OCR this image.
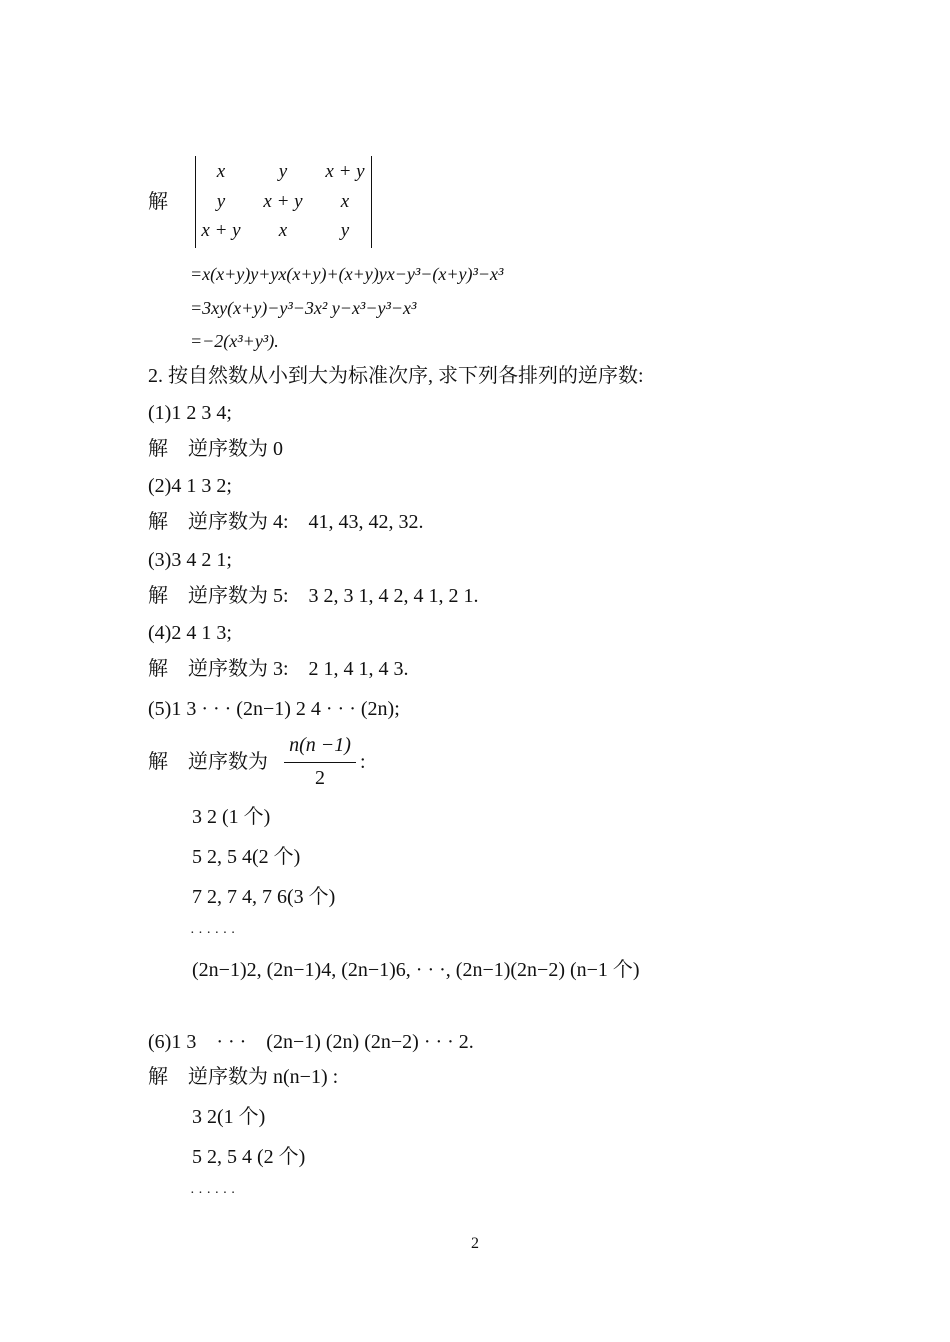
解
x	y	x + y
y	x + y	x
x + y	x	y
=x(x+y)y+yx(x+y)+(x+y)yx−y³−(x+y)³−x³
=3xy(x+y)−y³−3x² y−x³−y³−x³
=−2(x³+y³).
2. 按自然数从小到大为标准次序, 求下列各排列的逆序数:
(1)1 2 3 4;
解　逆序数为 0
(2)4 1 3 2;
解　逆序数为 4:　41, 43, 42, 32.
(3)3 4 2 1;
解　逆序数为 5:　3 2, 3 1, 4 2, 4 1, 2 1.
(4)2 4 1 3;
解　逆序数为 3:　2 1, 4 1, 4 3.
(5)1 3 · · · (2n−1) 2 4 · · · (2n);
解　逆序数为
n(n −1)
2
:
3 2 (1 个)
5 2, 5 4(2 个)
7 2, 7 4, 7 6(3 个)
· · · · · ·
(2n−1)2, (2n−1)4, (2n−1)6, · · ·, (2n−1)(2n−2) (n−1 个)
(6)1 3　· · ·　(2n−1) (2n) (2n−2) · · · 2.
解　逆序数为 n(n−1) :
3 2(1 个)
5 2, 5 4 (2 个)
· · · · · ·
2
